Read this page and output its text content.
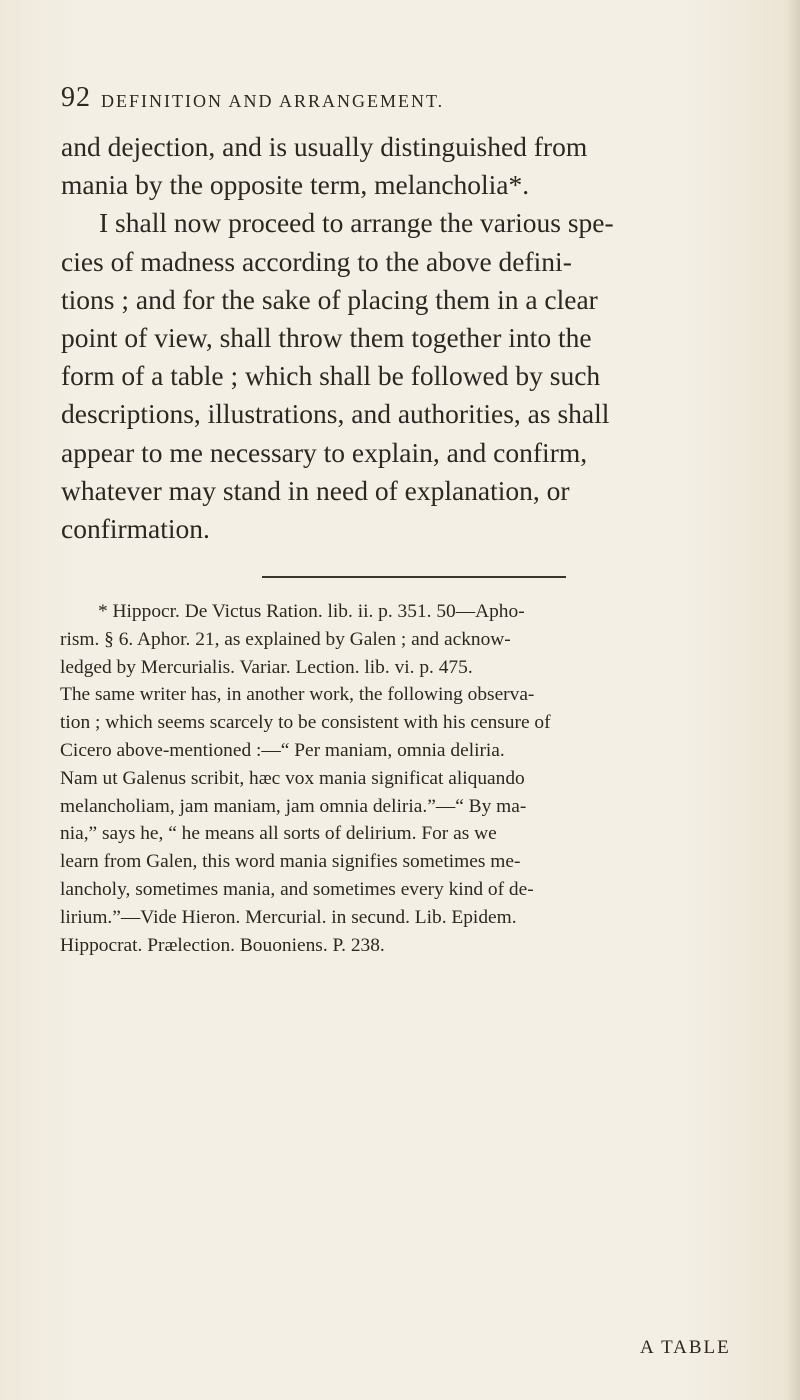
92 DEFINITION AND ARRANGEMENT.

and dejection, and is usually distinguished from

mania by the opposite term, melancholia*.

I shall now proceed to arrange the various spe-

cies of madness according to the above defini-

tions ; and for the sake of placing them in a clear

point of view, shall throw them together into the

form of a table ; which shall be followed by such

descriptions, illustrations, and authorities, as shall

appear to me necessary to explain, and confirm,

whatever may stand in need of explanation, or

confirmation.

* Hippocr. De Victus Ration. lib. ii. p. 351. 50—Apho-

rism. § 6. Aphor. 21, as explained by Galen ; and acknow-

ledged by Mercurialis. Variar. Lection. lib. vi. p. 475.

The same writer has, in another work, the following observa-

tion ; which seems scarcely to be consistent with his censure of

Cicero above-mentioned :—“ Per maniam, omnia deliria.

Nam ut Galenus scribit, hæc vox mania significat aliquando

melancholiam, jam maniam, jam omnia deliria.”—“ By ma-

nia,” says he, “ he means all sorts of delirium. For as we

learn from Galen, this word mania signifies sometimes me-

lancholy, sometimes mania, and sometimes every kind of de-

lirium.”—Vide Hieron. Mercurial. in secund. Lib. Epidem.

Hippocrat. Prælection. Bouoniens. P. 238.

A TABLE
